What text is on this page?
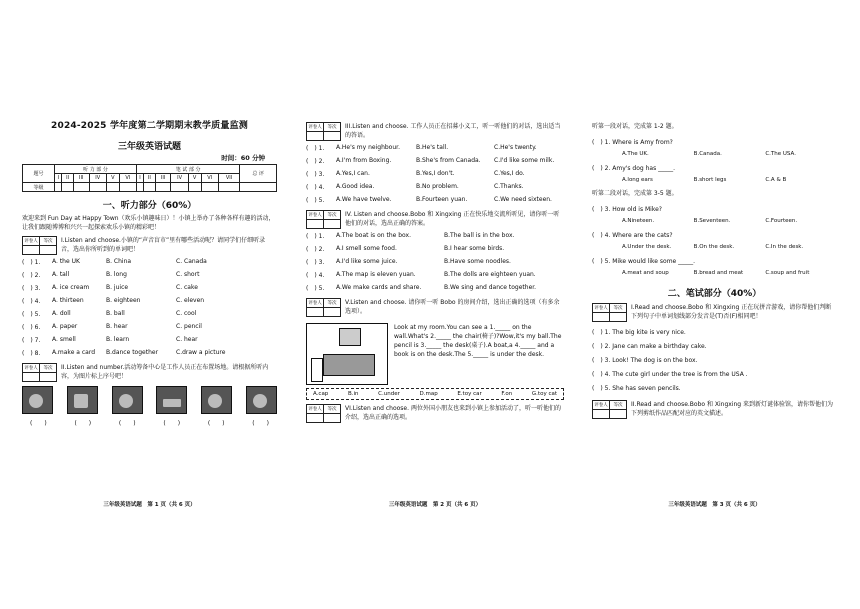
2024-2025 学年度第二学期期末教学质量监测
三年级英语试题
时间：60 分钟
题号	听 力 部 分						笔 试 部 分							总 评
	I	II	III	IV	V	VI	I	II	III	IV	V	VI	VII	
等级														
一、听力部分（60%）
欢迎来到 Fun Day at Happy Town（欢乐小镇趣味日）！小镇上举办了各种各样有趣的活动，让我们跟随博博和兴兴一起探索欢乐小镇的精彩吧！
评卷人	等次
	I.Listen and choose.小镇的“声音盲市”里有哪些活动呢？请同学们仔细听录音，选出你所听到的单词吧！
(　) 1.	A. the UK	B. China	C. Canada
(　) 2.	A. tall	B. long	C. short
(　) 3.	A. ice cream	B. juice	C. cake
(　) 4.	A. thirteen	B. eighteen	C. eleven
(　) 5.	A. doll	B. ball	C. cool
(　) 6.	A. paper	B. hear	C. pencil
(　) 7.	A. smell	B. learn	C. hear
(　) 8.	A.make a card	B.dance together	C.draw a picture
评卷人	等次
	II.Listen and number.活动筹备中心是工作人员正在布置场地。请根据所听内容，为图片标上序号吧！
(　　)	(　　)	(　　)	(　　)	(　　)	(　　)
三年级英语试题　第 1 页（共 6 页）
评卷人	等次
	III.Listen and choose. 工作人员正在招募小义工，听一听他们的对话，选出适当的答语。
(　) 1.	A.He's my neighbour.	B.He's tall.	C.He's twenty.
(　) 2.	A.I'm from Boxing.	B.She's from Canada.	C.I'd like some milk.
(　) 3.	A.Yes,I can.	B.Yes,I don't.	C.Yes,I do.
(　) 4.	A.Good idea.	B.No problem.	C.Thanks.
(　) 5.	A.We have twelve.	B.Fourteen yuan.	C.We need sixteen.
评卷人	等次
	IV. Listen and choose.Bobo 和 Xingxing 正在快乐地交流所听见，请你听一听他们的对话，选出正确的答案。
(　) 1.	A.The boat is on the box.	B.The ball is in the box.
(　) 2.	A.I smell some food.	B.I hear some birds.
(　) 3.	A.I'd like some juice.	B.Have some noodles.
(　) 4.	A.The map is eleven yuan.	B.The dolls are eighteen yuan.
(　) 5.	A.We make cards and share.	B.We sing and dance together.
评卷人	等次
	V.Listen and choose. 请你听一听 Bobo 的房间介绍，选出正确的选项（有多余选项）。
Look at my room.You can see a 1._____ on the wall.What's 2._____ the chair(椅子)?Wow,it's my ball.The pencil is 3._____ the desk(桌子).A boat,a 4._____ and a book is on the desk.The 5._____ is under the desk.
A.cap	B.in	C.under	D.map	E.toy car	F.on	G.toy cat
评卷人	等次
	VI.Listen and choose. 两位外国小朋友也来到小镇上参加活动了，听一听他们的介绍，选出正确的选项。
三年级英语试题　第 2 页（共 6 页）
听第一段对话，完成第 1-2 题。
(　) 1. Where is Amy from?
A.The UK.	B.Canada.	C.The USA.
(　) 2. Amy's dog has _____.
A.long ears	B.short legs	C.A & B
听第二段对话，完成第 3-5 题。
(　) 3. How old is Mike?
A.Nineteen.	B.Seventeen.	C.Fourteen.
(　) 4. Where are the cats?
A.Under the desk.	B.On the desk.	C.In the desk.
(　) 5. Mike would like some _____.
A.meat and soup	B.bread and meat	C.soup and fruit
二、笔试部分（40%）
评卷人	等次
	I.Read and choose.Bobo 和 Xingxing 正在玩拼音游戏，请你帮他们判断下列句子中单词划线部分发音是(T)否(F)相同吧！
(　) 1. The big kite is very nice.
(　) 2. Jane can make a birthday cake.
(　) 3. Look! The dog is on the box.
(　) 4. The cute girl under the tree is from the USA .
(　) 5. She has seven pencils.
评卷人	等次
	II.Read and choose.Bobo 和 Xingxing 来到新灯谜体验馆，请你帮他们为下列剪纸作品匹配对应的英文描述。
三年级英语试题　第 3 页（共 6 页）
